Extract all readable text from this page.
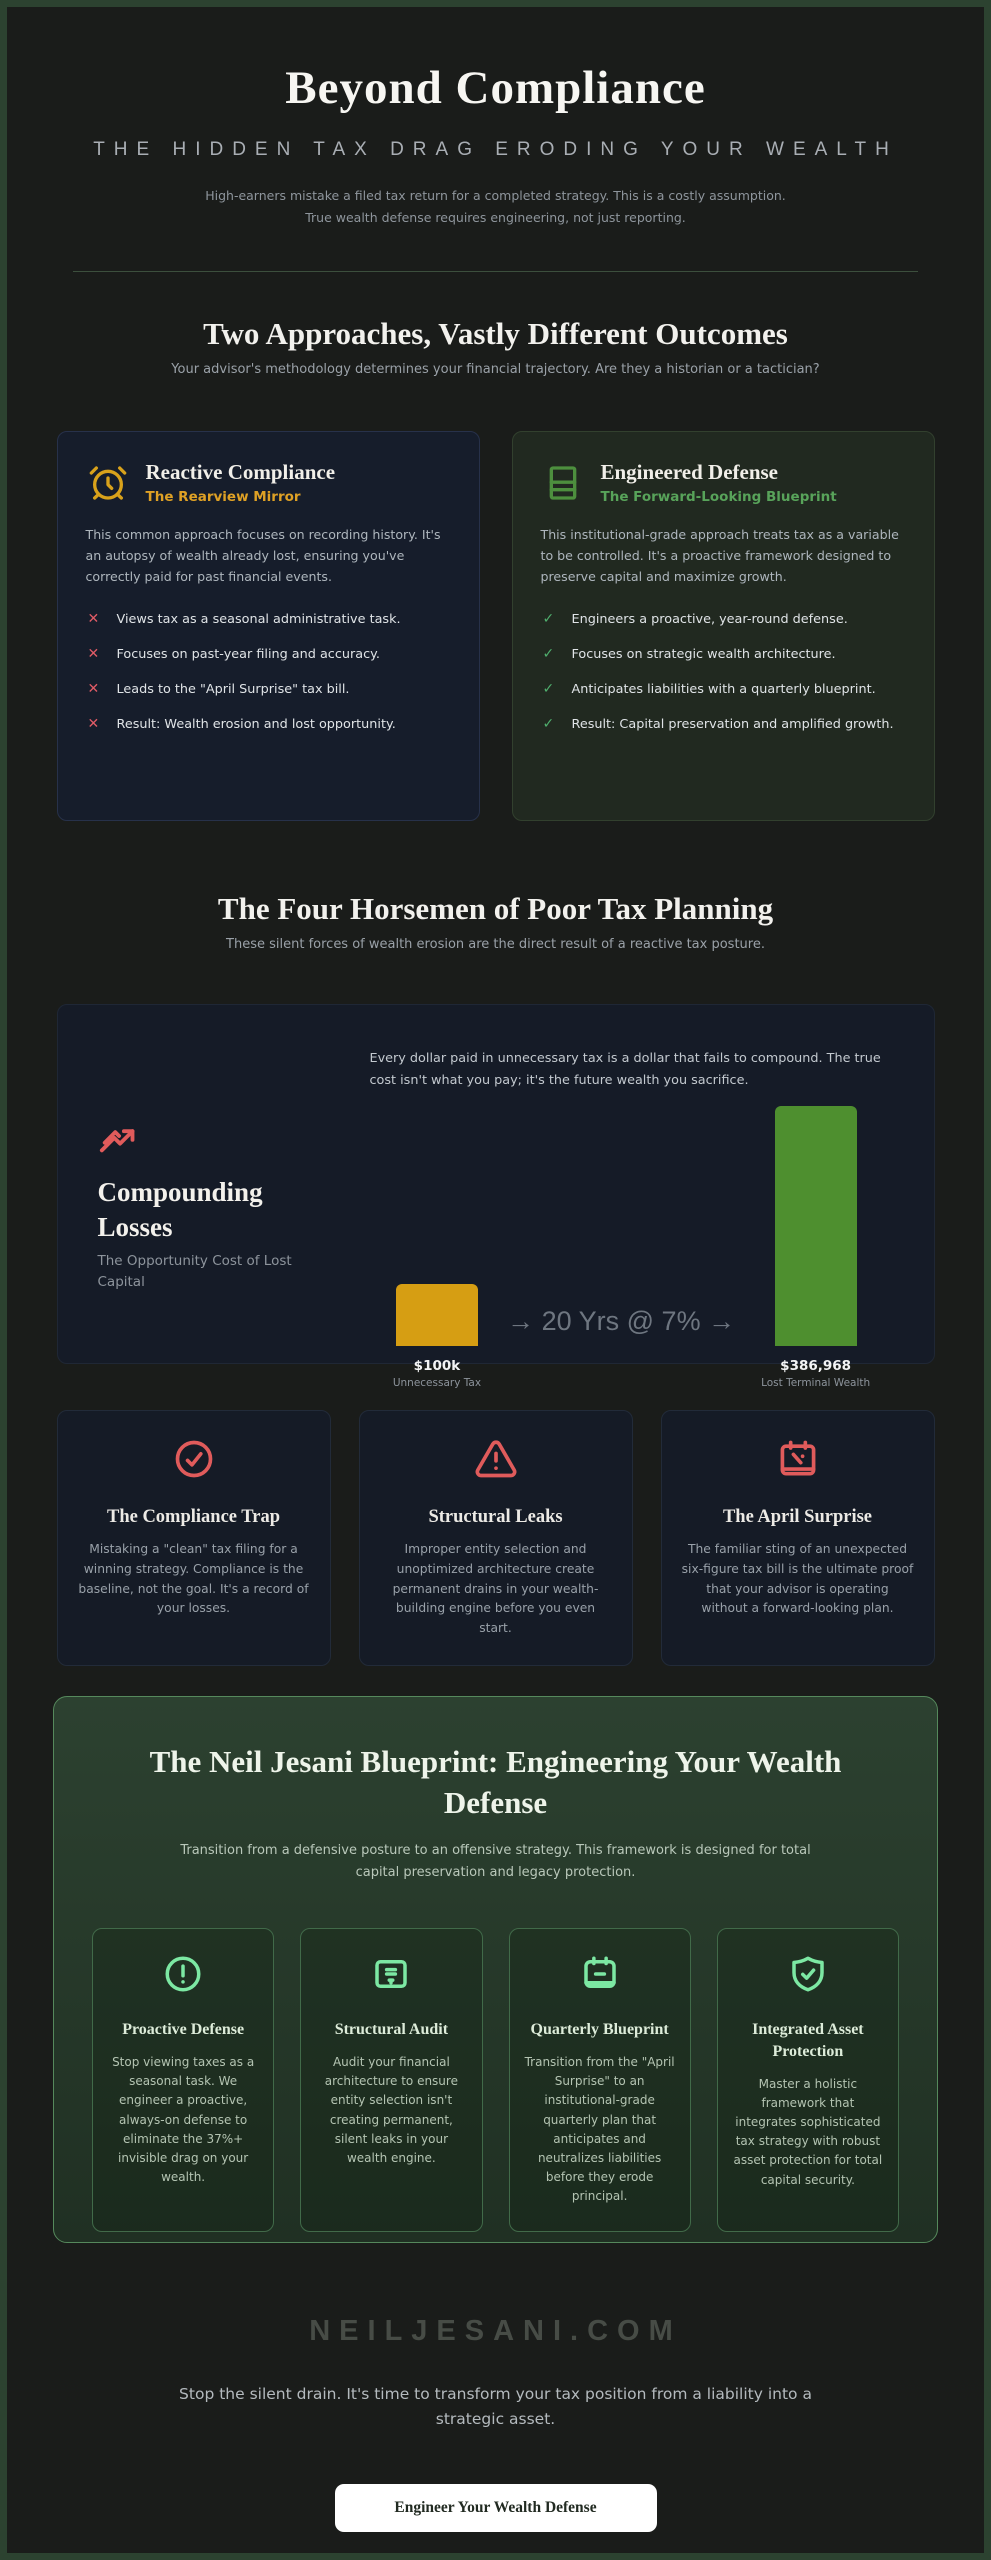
Beyond Compliance
THE HIDDEN TAX DRAG ERODING YOUR WEALTH

High-earners mistake a filed tax return for a completed strategy. This is a costly assumption. True wealth defense requires engineering, not just reporting.

Two Approaches, Vastly Different Outcomes
Your advisor's methodology determines your financial trajectory. Are they a historian or a tactician?
Reactive Compliance
The Rearview Mirror

This common approach focuses on recording history. It's an autopsy of wealth already lost, ensuring you've correctly paid for past financial events.

✕ Views tax as a seasonal administrative task.
✕ Focuses on past-year filing and accuracy.
✕ Leads to the "April Surprise" tax bill.
✕ Result: Wealth erosion and lost opportunity.
Engineered Defense
The Forward-Looking Blueprint

This institutional-grade approach treats tax as a variable to be controlled. It's a proactive framework designed to preserve capital and maximize growth.

✓ Engineers a proactive, year-round defense.
✓ Focuses on strategic wealth architecture.
✓ Anticipates liabilities with a quarterly blueprint.
✓ Result: Capital preservation and amplified growth.
The Four Horsemen of Poor Tax Planning
These silent forces of wealth erosion are the direct result of a reactive tax posture.
Compounding Losses
The Opportunity Cost of Lost Capital

Every dollar paid in unnecessary tax is a dollar that fails to compound. The true cost isn't what you pay; it's the future wealth you sacrifice.

$100k
Unnecessary Tax
→ 20 Yrs @ 7% →
$386,968
Lost Terminal Wealth
The Compliance Trap
Mistaking a "clean" tax filing for a winning strategy. Compliance is the baseline, not the goal. It's a record of your losses.
Structural Leaks
Improper entity selection and unoptimized architecture create permanent drains in your wealth-building engine before you even start.
The April Surprise
The familiar sting of an unexpected six-figure tax bill is the ultimate proof that your advisor is operating without a forward-looking plan.
The Neil Jesani Blueprint: Engineering Your Wealth Defense
Transition from a defensive posture to an offensive strategy. This framework is designed for total capital preservation and legacy protection.
Proactive Defense
Stop viewing taxes as a seasonal task. We engineer a proactive, always-on defense to eliminate the 37%+ invisible drag on your wealth.
Structural Audit
Audit your financial architecture to ensure entity selection isn't creating permanent, silent leaks in your wealth engine.
Quarterly Blueprint
Transition from the "April Surprise" to an institutional-grade quarterly plan that anticipates and neutralizes liabilities before they erode principal.
Integrated Asset Protection
Master a holistic framework that integrates sophisticated tax strategy with robust asset protection for total capital security.
NEILJESANI.COM

Stop the silent drain. It's time to transform your tax position from a liability into a strategic asset.

Engineer Your Wealth Defense
